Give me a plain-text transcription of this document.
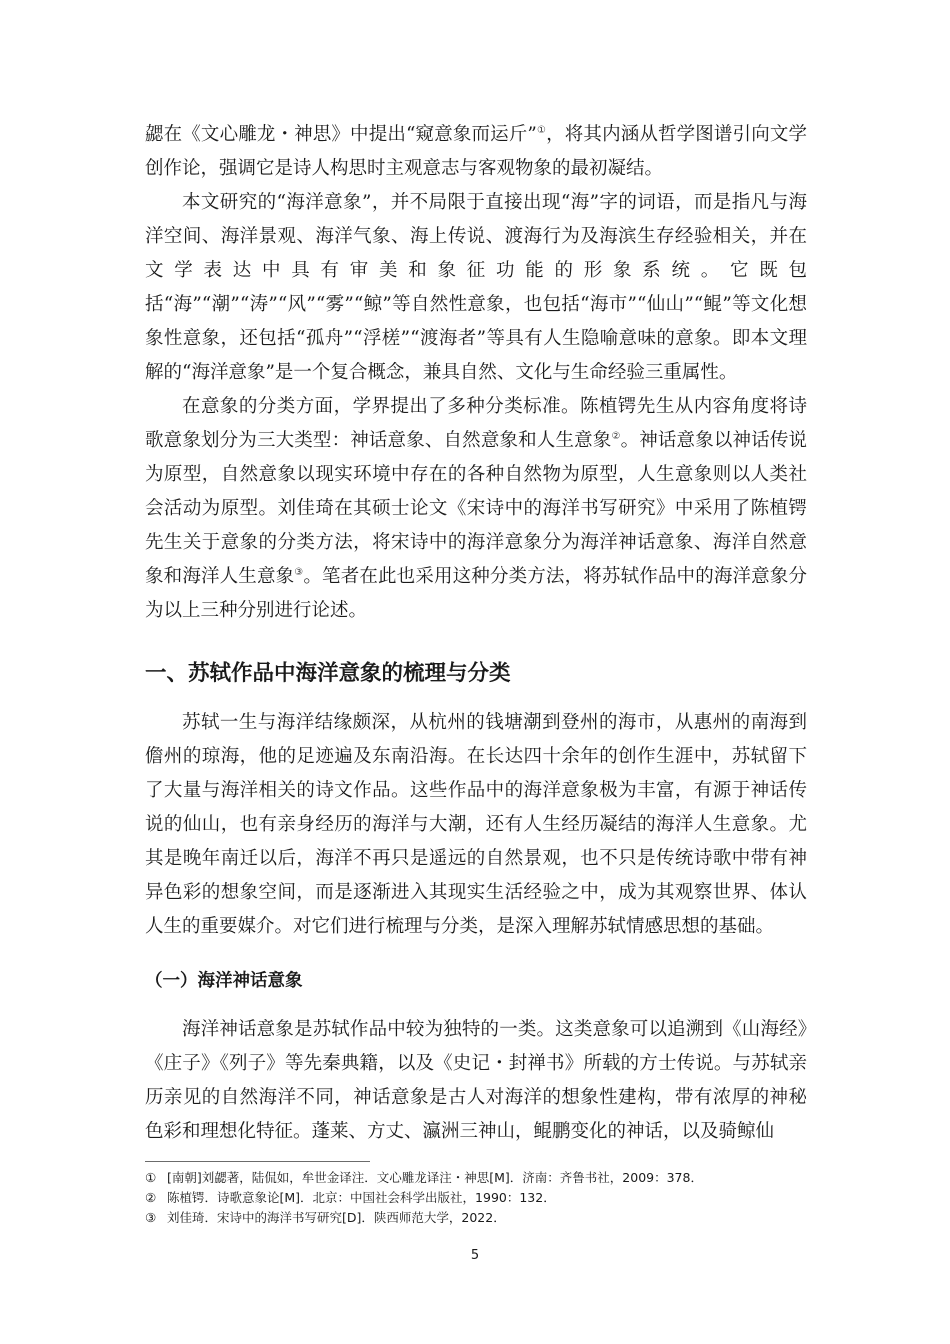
勰在《文心雕龙・神思》中提出“窥意象而运斤”①，将其内涵从哲学图谱引向文学创作论，强调它是诗人构思时主观意志与客观物象的最初凝结。

本文研究的“海洋意象”，并不局限于直接出现“海”字的词语，而是指凡与海洋空间、海洋景观、海洋气象、海上传说、渡海行为及海滨生存经验相关，并在文学表达中具有审美和象征功能的形象系统。它既包括“海”“潮”“涛”“风”“雾”“鲸”等自然性意象，也包括“海市”“仙山”“鲲”等文化想象性意象，还包括“孤舟”“浮槎”“渡海者”等具有人生隐喻意味的意象。即本文理解的“海洋意象”是一个复合概念，兼具自然、文化与生命经验三重属性。

在意象的分类方面，学界提出了多种分类标准。陈植锷先生从内容角度将诗歌意象划分为三大类型：神话意象、自然意象和人生意象②。神话意象以神话传说为原型，自然意象以现实环境中存在的各种自然物为原型，人生意象则以人类社会活动为原型。刘佳琦在其硕士论文《宋诗中的海洋书写研究》中采用了陈植锷先生关于意象的分类方法，将宋诗中的海洋意象分为海洋神话意象、海洋自然意象和海洋人生意象③。笔者在此也采用这种分类方法，将苏轼作品中的海洋意象分为以上三种分别进行论述。

一、苏轼作品中海洋意象的梳理与分类

苏轼一生与海洋结缘颇深，从杭州的钱塘潮到登州的海市，从惠州的南海到儋州的琼海，他的足迹遍及东南沿海。在长达四十余年的创作生涯中，苏轼留下了大量与海洋相关的诗文作品。这些作品中的海洋意象极为丰富，有源于神话传说的仙山，也有亲身经历的海洋与大潮，还有人生经历凝结的海洋人生意象。尤其是晚年南迁以后，海洋不再只是遥远的自然景观，也不只是传统诗歌中带有神异色彩的想象空间，而是逐渐进入其现实生活经验之中，成为其观察世界、体认人生的重要媒介。对它们进行梳理与分类，是深入理解苏轼情感思想的基础。

（一）海洋神话意象

海洋神话意象是苏轼作品中较为独特的一类。这类意象可以追溯到《山海经》《庄子》《列子》等先秦典籍，以及《史记・封禅书》所载的方士传说。与苏轼亲历亲见的自然海洋不同，神话意象是古人对海洋的想象性建构，带有浓厚的神秘色彩和理想化特征。蓬莱、方丈、瀛洲三神山，鲲鹏变化的神话，以及骑鲸仙

① [南朝]刘勰著，陆侃如，牟世金译注．文心雕龙译注・神思[M]．济南：齐鲁书社，2009：378．
② 陈植锷．诗歌意象论[M]．北京：中国社会科学出版社，1990：132．
③ 刘佳琦．宋诗中的海洋书写研究[D]．陕西师范大学，2022．
5
